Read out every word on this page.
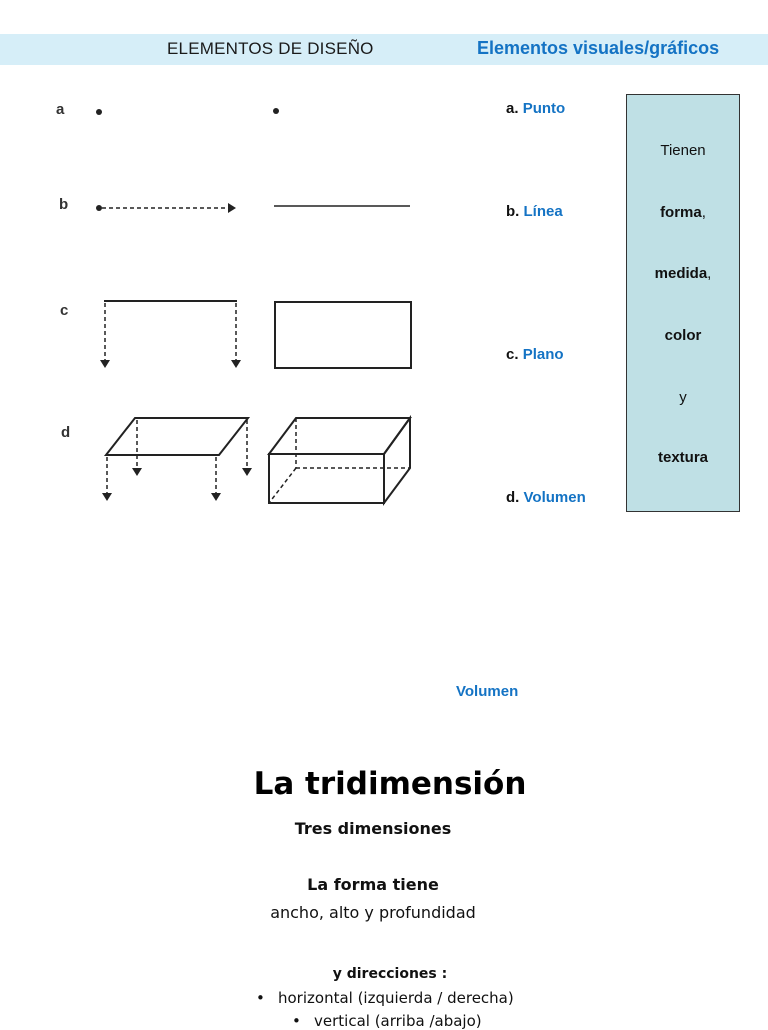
ELEMENTOS DE DISEÑO	Elementos visuales/gráficos
a
b
c
d
a. Punto
b. Línea
c. Plano
d. Volumen
Tienen
forma,
medida,
color
y
textura
Volumen
La tridimensión
Tres dimensiones
La forma tiene
ancho, alto y profundidad
y direcciones :
• horizontal (izquierda / derecha)
• vertical (arriba /abajo)
